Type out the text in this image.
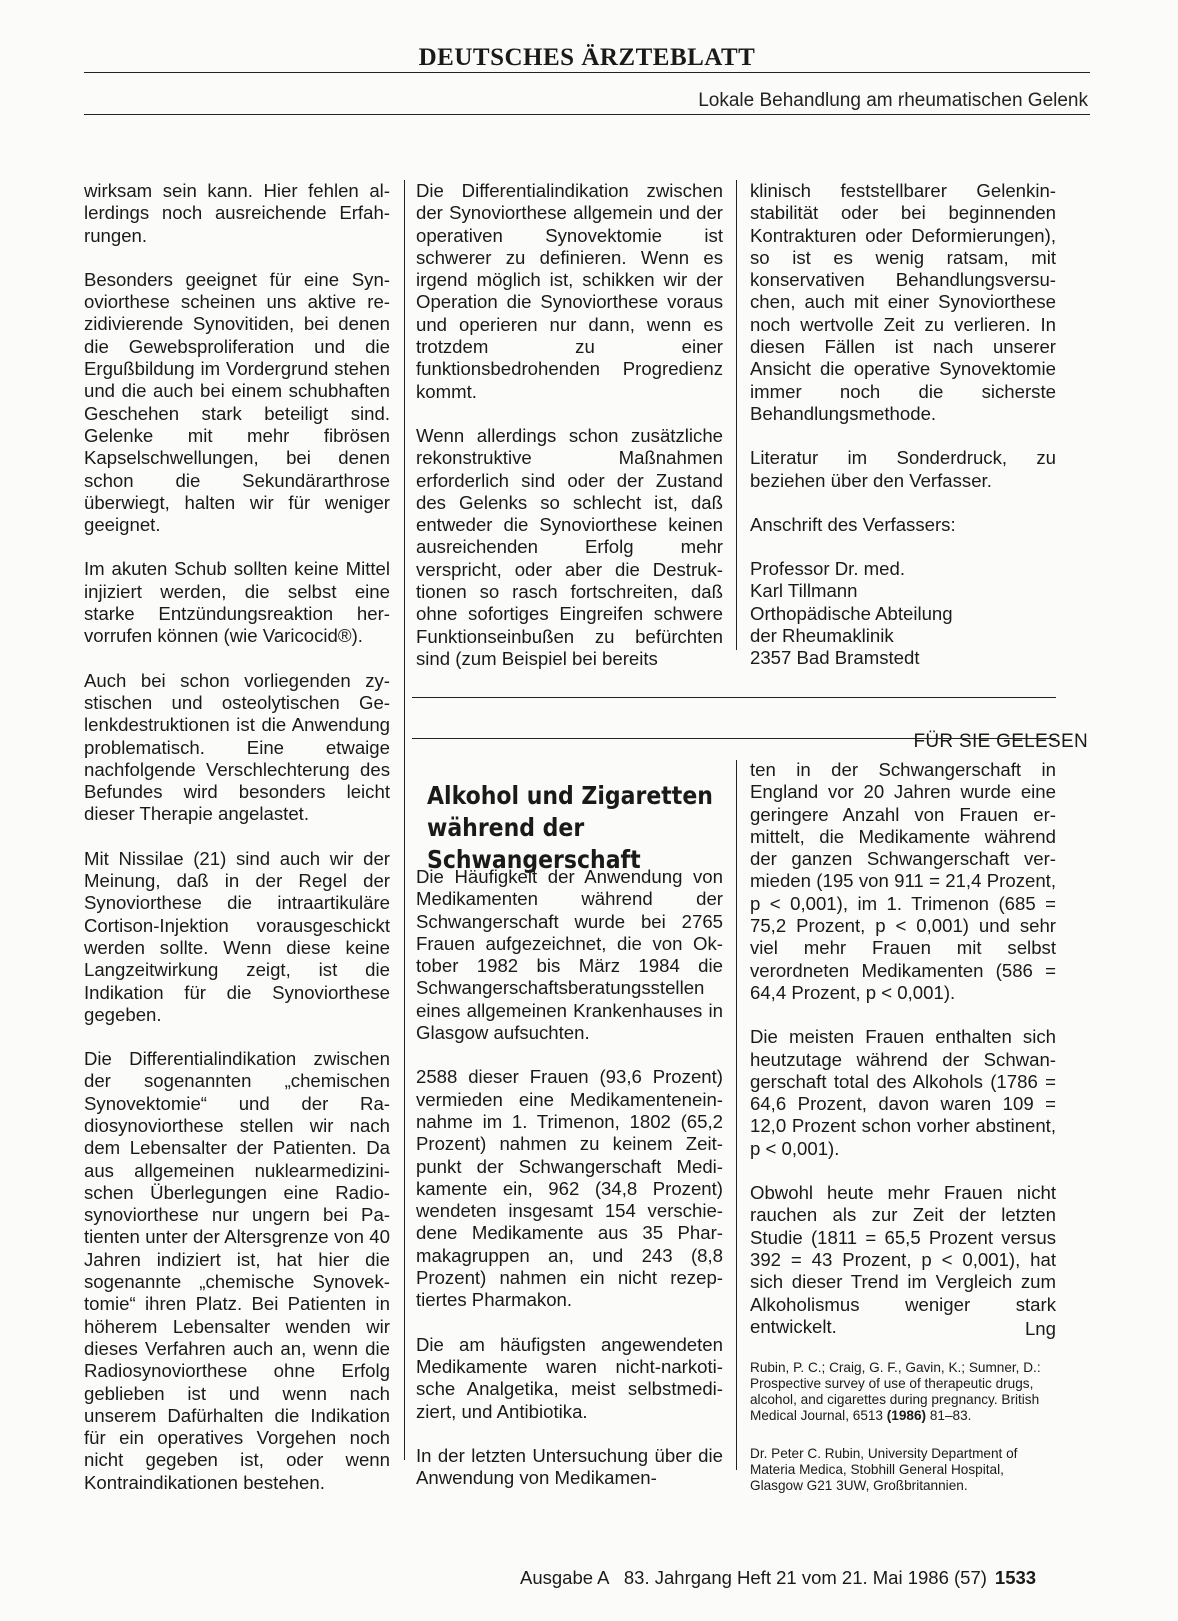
DEUTSCHES ÄRZTEBLATT
Lokale Behandlung am rheumatischen Gelenk

wirksam sein kann. Hier fehlen allerdings noch ausreichende Erfahrungen.

Besonders geeignet für eine Synoviorthese scheinen uns aktive rezidivierende Synovitiden, bei denen die Gewebsproliferation und die Ergußbildung im Vordergrund stehen und die auch bei einem schubhaften Geschehen stark beteiligt sind. Gelenke mit mehr fibrösen Kapselschwellungen, bei denen schon die Sekundärarthrose überwiegt, halten wir für weniger geeignet.

Im akuten Schub sollten keine Mittel injiziert werden, die selbst eine starke Entzündungsreaktion hervorrufen können (wie Varicocid®).

Auch bei schon vorliegenden zystischen und osteolytischen Gelenkdestruktionen ist die Anwendung problematisch. Eine etwaige nachfolgende Verschlechterung des Befundes wird besonders leicht dieser Therapie angelastet.

Mit Nissilae (21) sind auch wir der Meinung, daß in der Regel der Synoviorthese die intraartikuläre Cortison-Injektion vorausgeschickt werden sollte. Wenn diese keine Langzeitwirkung zeigt, ist die Indikation für die Synoviorthese gegeben.

Die Differentialindikation zwischen der sogenannten „chemischen Synovektomie“ und der Radiosynoviorthese stellen wir nach dem Lebensalter der Patienten. Da aus allgemeinen nuklearmedizinischen Überlegungen eine Radiosynoviorthese nur ungern bei Patienten unter der Altersgrenze von 40 Jahren indiziert ist, hat hier die sogenannte „chemische Synovektomie“ ihren Platz. Bei Patienten in höherem Lebensalter wenden wir dieses Verfahren auch an, wenn die Radiosynoviorthese ohne Erfolg geblieben ist und wenn nach unserem Dafürhalten die Indikation für ein operatives Vorgehen noch nicht gegeben ist, oder wenn Kontraindikationen bestehen.

Die Differentialindikation zwischen der Synoviorthese allgemein und der operativen Synovektomie ist schwerer zu definieren. Wenn es irgend möglich ist, schikken wir der Operation die Synoviorthese voraus und operieren nur dann, wenn es trotzdem zu einer funktionsbedrohenden Progredienz kommt.

Wenn allerdings schon zusätzliche rekonstruktive Maßnahmen erforderlich sind oder der Zustand des Gelenks so schlecht ist, daß entweder die Synoviorthese keinen ausreichenden Erfolg mehr verspricht, oder aber die Destruktionen so rasch fortschreiten, daß ohne sofortiges Eingreifen schwere Funktionseinbußen zu befürchten sind (zum Beispiel bei bereits

klinisch feststellbarer Gelenkinstabilität oder bei beginnenden Kontrakturen oder Deformierungen), so ist es wenig ratsam, mit konservativen Behandlungsversuchen, auch mit einer Synoviorthese noch wertvolle Zeit zu verlieren. In diesen Fällen ist nach unserer Ansicht die operative Synovektomie immer noch die sicherste Behandlungsmethode.

Literatur im Sonderdruck, zu beziehen über den Verfasser.

Anschrift des Verfassers:

Professor Dr. med.

Karl Tillmann

Orthopädische Abteilung

der Rheumaklinik

2357 Bad Bramstedt

FÜR SIE GELESEN
Alkohol und Zigaretten während der Schwangerschaft

Die Häufigkeit der Anwendung von Medikamenten während der Schwangerschaft wurde bei 2765 Frauen aufgezeichnet, die von Oktober 1982 bis März 1984 die Schwangerschaftsberatungsstellen eines allgemeinen Krankenhauses in Glasgow aufsuchten.

2588 dieser Frauen (93,6 Prozent) vermieden eine Medikamenteneinnahme im 1. Trimenon, 1802 (65,2 Prozent) nahmen zu keinem Zeitpunkt der Schwangerschaft Medikamente ein, 962 (34,8 Prozent) wendeten insgesamt 154 verschiedene Medikamente aus 35 Pharmakagruppen an, und 243 (8,8 Prozent) nahmen ein nicht rezeptiertes Pharmakon.

Die am häufigsten angewendeten Medikamente waren nicht-narkotische Analgetika, meist selbstmediziert, und Antibiotika.

In der letzten Untersuchung über die Anwendung von Medikamen-

ten in der Schwangerschaft in England vor 20 Jahren wurde eine geringere Anzahl von Frauen ermittelt, die Medikamente während der ganzen Schwangerschaft vermieden (195 von 911 = 21,4 Prozent, p < 0,001), im 1. Trimenon (685 = 75,2 Prozent, p < 0,001) und sehr viel mehr Frauen mit selbst verordneten Medikamenten (586 = 64,4 Prozent, p < 0,001).

Die meisten Frauen enthalten sich heutzutage während der Schwangerschaft total des Alkohols (1786 = 64,6 Prozent, davon waren 109 = 12,0 Prozent schon vorher abstinent, p < 0,001).

Obwohl heute mehr Frauen nicht rauchen als zur Zeit der letzten Studie (1811 = 65,5 Prozent versus 392 = 43 Prozent, p < 0,001), hat sich dieser Trend im Vergleich zum Alkoholismus weniger stark entwickelt.	Lng

Rubin, P. C.; Craig, G. F., Gavin, K.; Sumner, D.: Prospective survey of use of therapeutic drugs, alcohol, and cigarettes during pregnancy. British Medical Journal, 6513 (1986) 81–83.

Dr. Peter C. Rubin, University Department of Materia Medica, Stobhill General Hospital, Glasgow G21 3UW, Großbritannien.

Ausgabe A   83. Jahrgang Heft 21 vom 21. Mai 1986 (57) 1533
